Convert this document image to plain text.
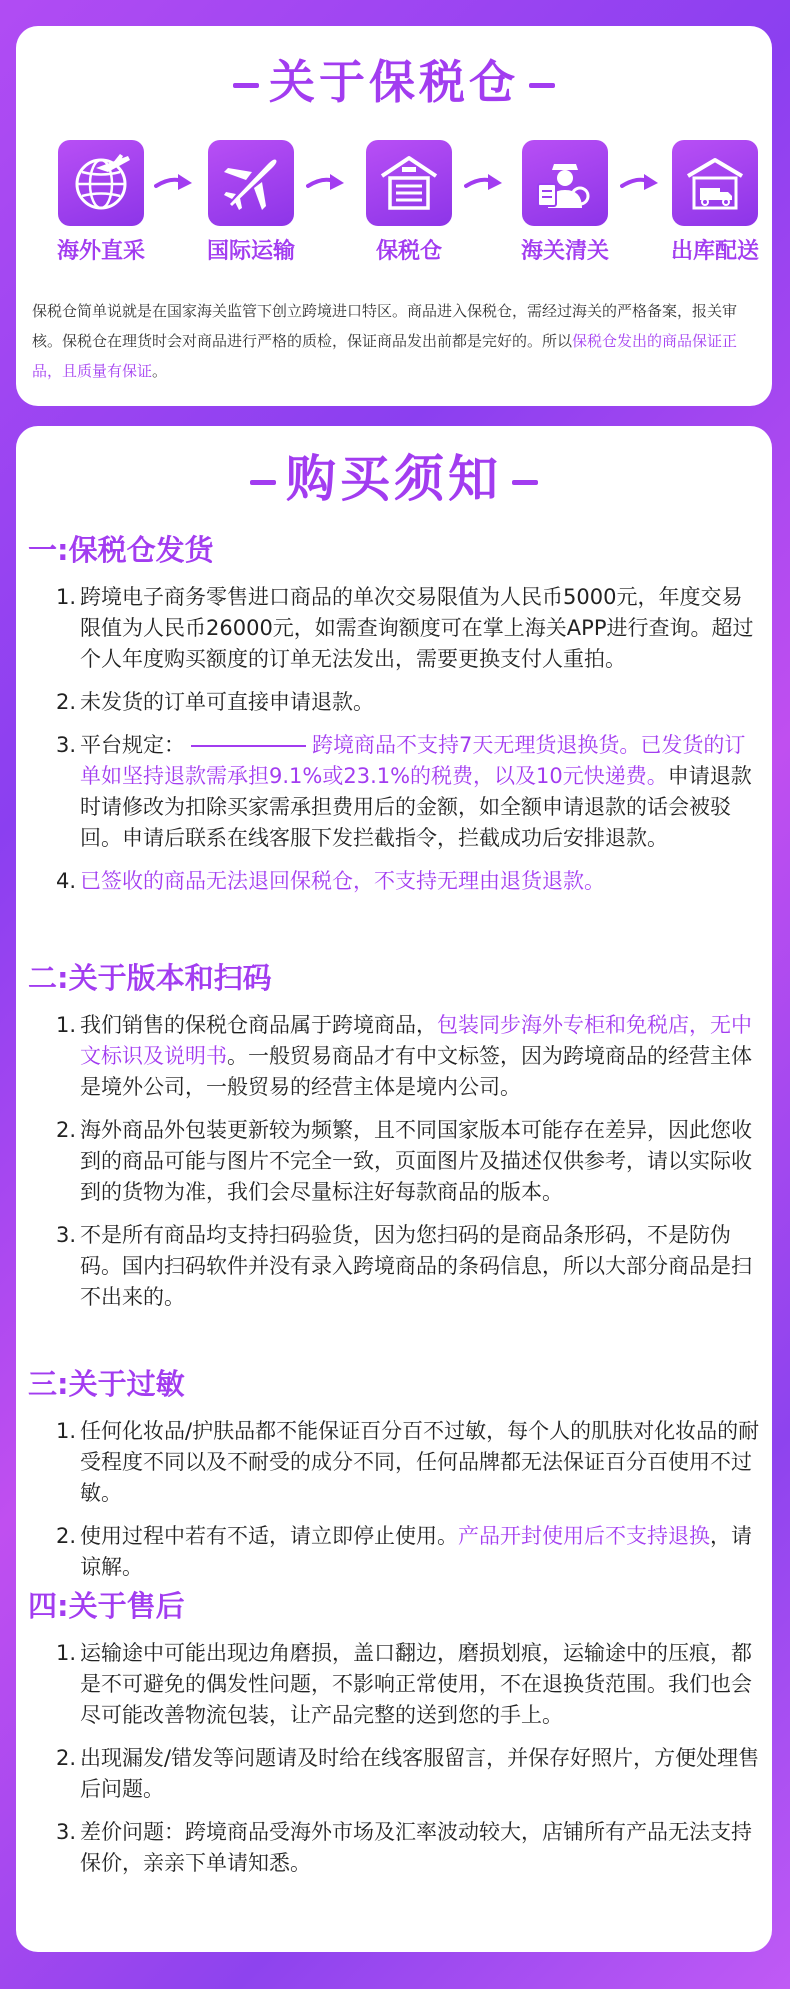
关于保税仓
海外直采	国际运输	保税仓	海关清关	出库配送
保税仓简单说就是在国家海关监管下创立跨境进口特区。商品进入保税仓，需经过海关的严格备案，报关审核。保税仓在理货时会对商品进行严格的质检，保证商品发出前都是完好的。所以保税仓发出的商品保证正品，且质量有保证。
购买须知
一:保税仓发货
1. 跨境电子商务零售进口商品的单次交易限值为人民币5000元，年度交易限值为人民币26000元，如需查询额度可在掌上海关APP进行查询。超过个人年度购买额度的订单无法发出，需要更换支付人重拍。
2. 未发货的订单可直接申请退款。
3. 平台规定：	跨境商品不支持7天无理货退换货。已发货的订单如坚持退款需承担9.1%或23.1%的税费，以及10元快递费。申请退款时请修改为扣除买家需承担费用后的金额，如全额申请退款的话会被驳回。申请后联系在线客服下发拦截指令，拦截成功后安排退款。
4. 已签收的商品无法退回保税仓，不支持无理由退货退款。
二:关于版本和扫码
1. 我们销售的保税仓商品属于跨境商品，包装同步海外专柜和免税店，无中文标识及说明书。一般贸易商品才有中文标签，因为跨境商品的经营主体是境外公司，一般贸易的经营主体是境内公司。
2. 海外商品外包装更新较为频繁，且不同国家版本可能存在差异，因此您收到的商品可能与图片不完全一致，页面图片及描述仅供参考，请以实际收到的货物为准，我们会尽量标注好每款商品的版本。
3. 不是所有商品均支持扫码验货，因为您扫码的是商品条形码，不是防伪码。国内扫码软件并没有录入跨境商品的条码信息，所以大部分商品是扫不出来的。
三:关于过敏
1. 任何化妆品/护肤品都不能保证百分百不过敏，每个人的肌肤对化妆品的耐受程度不同以及不耐受的成分不同，任何品牌都无法保证百分百使用不过敏。
2. 使用过程中若有不适，请立即停止使用。产品开封使用后不支持退换，请谅解。
四:关于售后
1. 运输途中可能出现边角磨损，盖口翻边，磨损划痕，运输途中的压痕，都是不可避免的偶发性问题，不影响正常使用，不在退换货范围。我们也会尽可能改善物流包装，让产品完整的送到您的手上。
2. 出现漏发/错发等问题请及时给在线客服留言，并保存好照片，方便处理售后问题。
3. 差价问题：跨境商品受海外市场及汇率波动较大，店铺所有产品无法支持保价，亲亲下单请知悉。
